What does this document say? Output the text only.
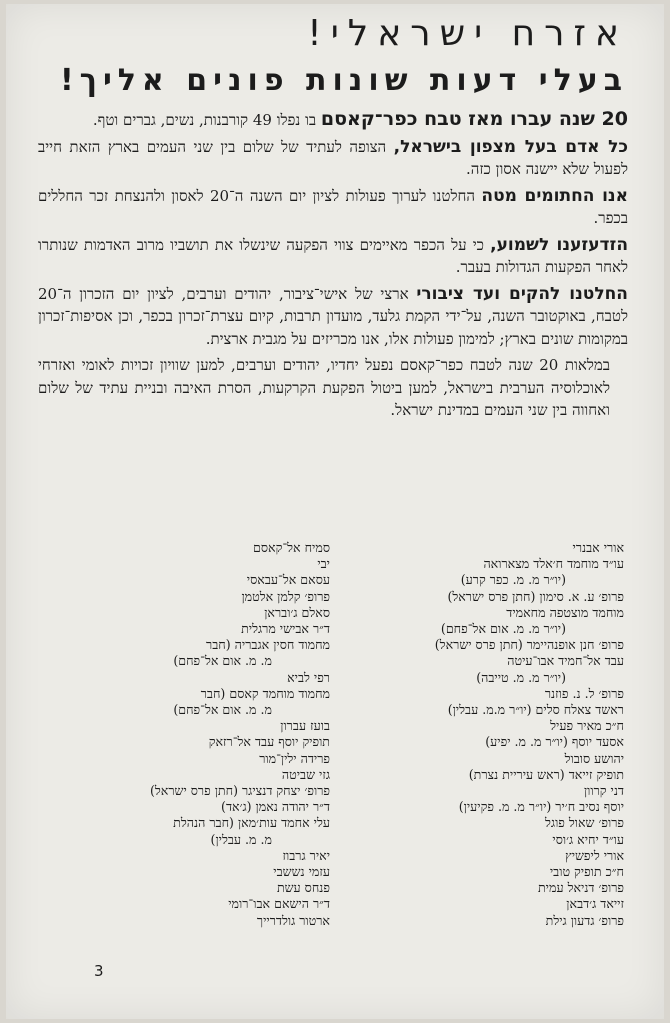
אזרח ישראלי!
בעלי דעות שונות פונים אליך!

20 שנה עברו מאז טבח כפר־קאסם בו נפלו 49 קורבנות, נשים, גברים וטף.

כל אדם בעל מצפון בישראל, הצופה לעתיד של שלום בין שני העמים בארץ הזאת חייב לפעול שלא יישנה אסון כזה.

אנו החתומים מטה החלטנו לערוך פעולות לציון יום השנה ה־20 לאסון ולהנצחת זכר החללים בכפר.

הזדעזענו לשמוע, כי על הכפר מאיימים צווי הפקעה שינשלו את תושביו מרוב האדמות שנותרו לאחר הפקעות הגדולות בעבר.

החלטנו להקים ועד ציבורי ארצי של אישי־ציבור, יהודים וערבים, לציון יום הזכרון ה־20 לטבח, באוקטובר השנה, על־ידי הקמת גלעד, מועדון תרבות, קיום עצרת־זכרון בכפר, וכן אסיפות־זכרון במקומות שונים בארץ; למימון פעולות אלו, אנו מכריזים על מגבית ארצית.

במלאות 20 שנה לטבח כפר־קאסם נפעל יחדיו, יהודים וערבים, למען שוויון זכויות לאומי ואזרחי לאוכלוסיה הערבית בישראל, למען ביטול הפקעת הקרקעות, הסרת האיבה ובניית עתיד של שלום ואחווה בין שני העמים במדינת ישראל.

אורי אבנרי
עו״ד מוחמד ח׳אלד מצארואה
(יו״ר מ. מ. כפר קרע)
פרופ׳ ע. א. סימון (חתן פרס ישראל)
מוחמד מוצטפה מחאמיד
(יו״ר מ. מ. אום אל־פחם)
פרופ׳ חנן אופנהיימר (חתן פרס ישראל)
עבד אל־חמיד אבו־עיטה
(יו״ר מ. מ. טייבה)
פרופ׳ ל. נ. פוזנר
ראשד צאלח סלים (יו״ר מ.מ. עבלין)
ח״כ מאיר פעיל
אסעד יוסף (יו״ר מ. מ. יפיע)
יהושע סובול
תופיק זייאד (ראש עיריית נצרת)
דני קרוון
יוסף נסיב ח׳יר (יו״ר מ. מ. פקיעין)
פרופ׳ שאול פוגל
עו״ד יחיא ג׳וסי
אורי ליפשיץ
ח״כ תופיק טובי
פרופ׳ דניאל עמית
זייאד ג׳דבאן
פרופ׳ גדעון גילת
סמיח אל־קאסם
יבי
עסאם אל־עבאסי
פרופ׳ קלמן אלטמן
סאלם ג׳ובראן
ד״ר אבישי מרגלית
מחמוד חסין אגבריה (חבר
מ. מ. אום אל־פחם)
רפי לביא
מחמוד מוחמד קאסם (חבר
מ. מ. אום אל־פחם)
בועז עברון
תופיק יוסף עבד אל־רזאק
פרידה ילין־מור
גזי שביטה
פרופ׳ יצחק דנציגר (חתן פרס ישראל)
ד״ר יהודה נאמן (ג׳אד)
עלי אחמד עות׳מאן (חבר הנהלת
מ. מ. עבלין)
יאיר גרבוז
עזמי נששבי
פנחס עשת
ד״ר הישאם אבו־רומי
ארטור גולדרייך
3
